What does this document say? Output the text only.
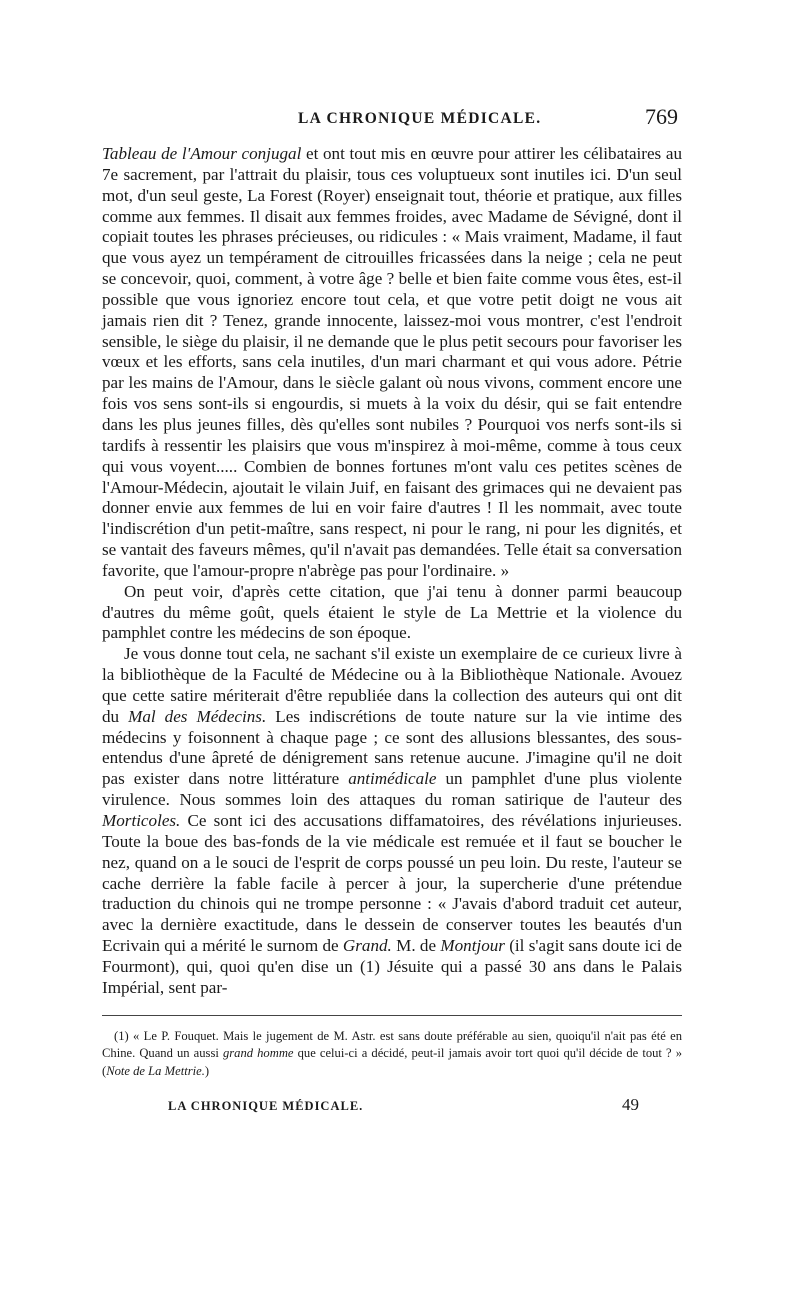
LA CHRONIQUE MÉDICALE.	769

Tableau de l'Amour conjugal et ont tout mis en œuvre pour attirer les célibataires au 7e sacrement, par l'attrait du plaisir, tous ces voluptueux sont inutiles ici. D'un seul mot, d'un seul geste, La Forest (Royer) enseignait tout, théorie et pratique, aux filles comme aux femmes. Il disait aux femmes froides, avec Madame de Sévigné, dont il copiait toutes les phrases précieuses, ou ridicules : « Mais vraiment, Madame, il faut que vous ayez un tempérament de citrouilles fricassées dans la neige ; cela ne peut se concevoir, quoi, comment, à votre âge ? belle et bien faite comme vous êtes, est-il possible que vous ignoriez encore tout cela, et que votre petit doigt ne vous ait jamais rien dit ? Tenez, grande innocente, laissez-moi vous montrer, c'est l'endroit sensible, le siège du plaisir, il ne demande que le plus petit secours pour favoriser les vœux et les efforts, sans cela inutiles, d'un mari charmant et qui vous adore. Pétrie par les mains de l'Amour, dans le siècle galant où nous vivons, comment encore une fois vos sens sont-ils si engourdis, si muets à la voix du désir, qui se fait entendre dans les plus jeunes filles, dès qu'elles sont nubiles ? Pourquoi vos nerfs sont-ils si tardifs à ressentir les plaisirs que vous m'inspirez à moi-même, comme à tous ceux qui vous voyent..... Combien de bonnes fortunes m'ont valu ces petites scènes de l'Amour-Médecin, ajoutait le vilain Juif, en faisant des grimaces qui ne devaient pas donner envie aux femmes de lui en voir faire d'autres ! Il les nommait, avec toute l'indiscrétion d'un petit-maître, sans respect, ni pour le rang, ni pour les dignités, et se vantait des faveurs mêmes, qu'il n'avait pas demandées. Telle était sa conversation favorite, que l'amour-propre n'abrège pas pour l'ordinaire. »

On peut voir, d'après cette citation, que j'ai tenu à donner parmi beaucoup d'autres du même goût, quels étaient le style de La Mettrie et la violence du pamphlet contre les médecins de son époque.

Je vous donne tout cela, ne sachant s'il existe un exemplaire de ce curieux livre à la bibliothèque de la Faculté de Médecine ou à la Bibliothèque Nationale. Avouez que cette satire mériterait d'être republiée dans la collection des auteurs qui ont dit du Mal des Médecins. Les indiscrétions de toute nature sur la vie intime des médecins y foisonnent à chaque page ; ce sont des allusions blessantes, des sous-entendus d'une âpreté de dénigrement sans retenue aucune. J'imagine qu'il ne doit pas exister dans notre littérature antimédicale un pamphlet d'une plus violente virulence. Nous sommes loin des attaques du roman satirique de l'auteur des Morticoles. Ce sont ici des accusations diffamatoires, des révélations injurieuses. Toute la boue des bas-fonds de la vie médicale est remuée et il faut se boucher le nez, quand on a le souci de l'esprit de corps poussé un peu loin. Du reste, l'auteur se cache derrière la fable facile à percer à jour, la supercherie d'une prétendue traduction du chinois qui ne trompe personne : « J'avais d'abord traduit cet auteur, avec la dernière exactitude, dans le dessein de conserver toutes les beautés d'un Ecrivain qui a mérité le surnom de Grand. M. de Montjour (il s'agit sans doute ici de Fourmont), qui, quoi qu'en dise un (1) Jésuite qui a passé 30 ans dans le Palais Impérial, sent par-

(1) « Le P. Fouquet. Mais le jugement de M. Astr. est sans doute préférable au sien, quoiqu'il n'ait pas été en Chine. Quand un aussi grand homme que celui-ci a décidé, peut-il jamais avoir tort quoi qu'il décide de tout ? » (Note de La Mettrie.)
LA CHRONIQUE MÉDICALE.	49
